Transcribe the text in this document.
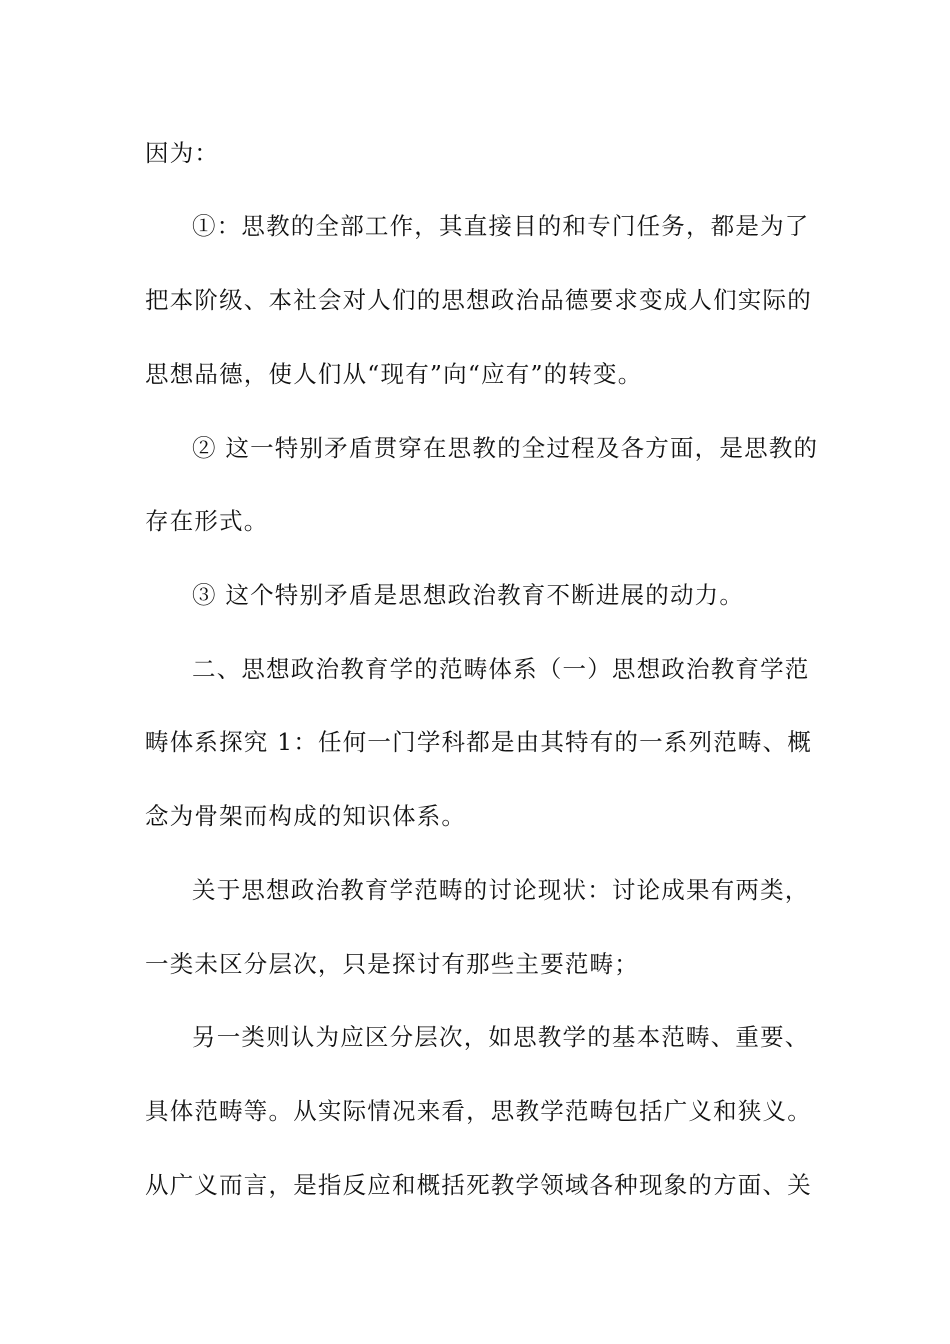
因为：
①：思教的全部工作，其直接目的和专门任务，都是为了
把本阶级、本社会对人们的思想政治品德要求变成人们实际的
思想品德，使人们从“现有”向“应有”的转变。
② 这一特别矛盾贯穿在思教的全过程及各方面，是思教的
存在形式。
③ 这个特别矛盾是思想政治教育不断进展的动力。
二、思想政治教育学的范畴体系（一）思想政治教育学范
畴体系探究 1：任何一门学科都是由其特有的一系列范畴、概
念为骨架而构成的知识体系。
关于思想政治教育学范畴的讨论现状：讨论成果有两类，
一类未区分层次，只是探讨有那些主要范畴；
另一类则认为应区分层次，如思教学的基本范畴、重要、
具体范畴等。从实际情况来看，思教学范畴包括广义和狭义。
从广义而言，是指反应和概括死教学领域各种现象的方面、关
